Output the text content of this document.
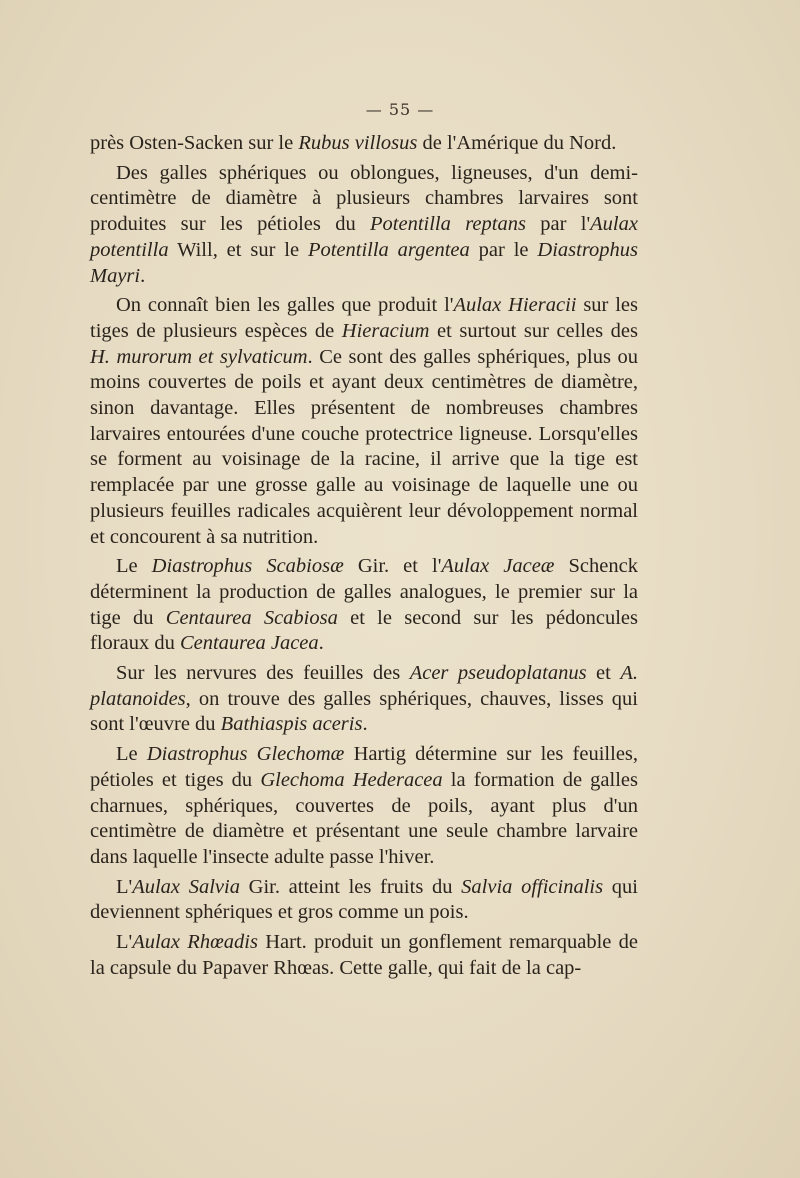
— 55 —

près Osten-Sacken sur le Rubus villosus de l'Amérique du Nord.

Des galles sphériques ou oblongues, ligneuses, d'un demi-centimètre de diamètre à plusieurs chambres larvaires sont produites sur les pétioles du Potentilla reptans par l'Aulax potentilla Will, et sur le Potentilla argentea par le Diastrophus Mayri.

On connaît bien les galles que produit l'Aulax Hieracii sur les tiges de plusieurs espèces de Hieracium et surtout sur celles des H. murorum et sylvaticum. Ce sont des galles sphériques, plus ou moins couvertes de poils et ayant deux centimètres de diamètre, sinon davantage. Elles présentent de nombreuses chambres larvaires entourées d'une couche protectrice ligneuse. Lorsqu'elles se forment au voisinage de la racine, il arrive que la tige est remplacée par une grosse galle au voisinage de laquelle une ou plusieurs feuilles radicales acquièrent leur dévoloppement normal et concourent à sa nutrition.

Le Diastrophus Scabiosæ Gir. et l'Aulax Jaceæ Schenck déterminent la production de galles analogues, le premier sur la tige du Centaurea Scabiosa et le second sur les pédoncules floraux du Centaurea Jacea.

Sur les nervures des feuilles des Acer pseudoplatanus et A. platanoides, on trouve des galles sphériques, chauves, lisses qui sont l'œuvre du Bathiaspis aceris.

Le Diastrophus Glechomæ Hartig détermine sur les feuilles, pétioles et tiges du Glechoma Hederacea la formation de galles charnues, sphériques, couvertes de poils, ayant plus d'un centimètre de diamètre et présentant une seule chambre larvaire dans laquelle l'insecte adulte passe l'hiver.

L'Aulax Salvia Gir. atteint les fruits du Salvia officinalis qui deviennent sphériques et gros comme un pois.

L'Aulax Rhœadis Hart. produit un gonflement remarquable de la capsule du Papaver Rhœas. Cette galle, qui fait de la cap-
